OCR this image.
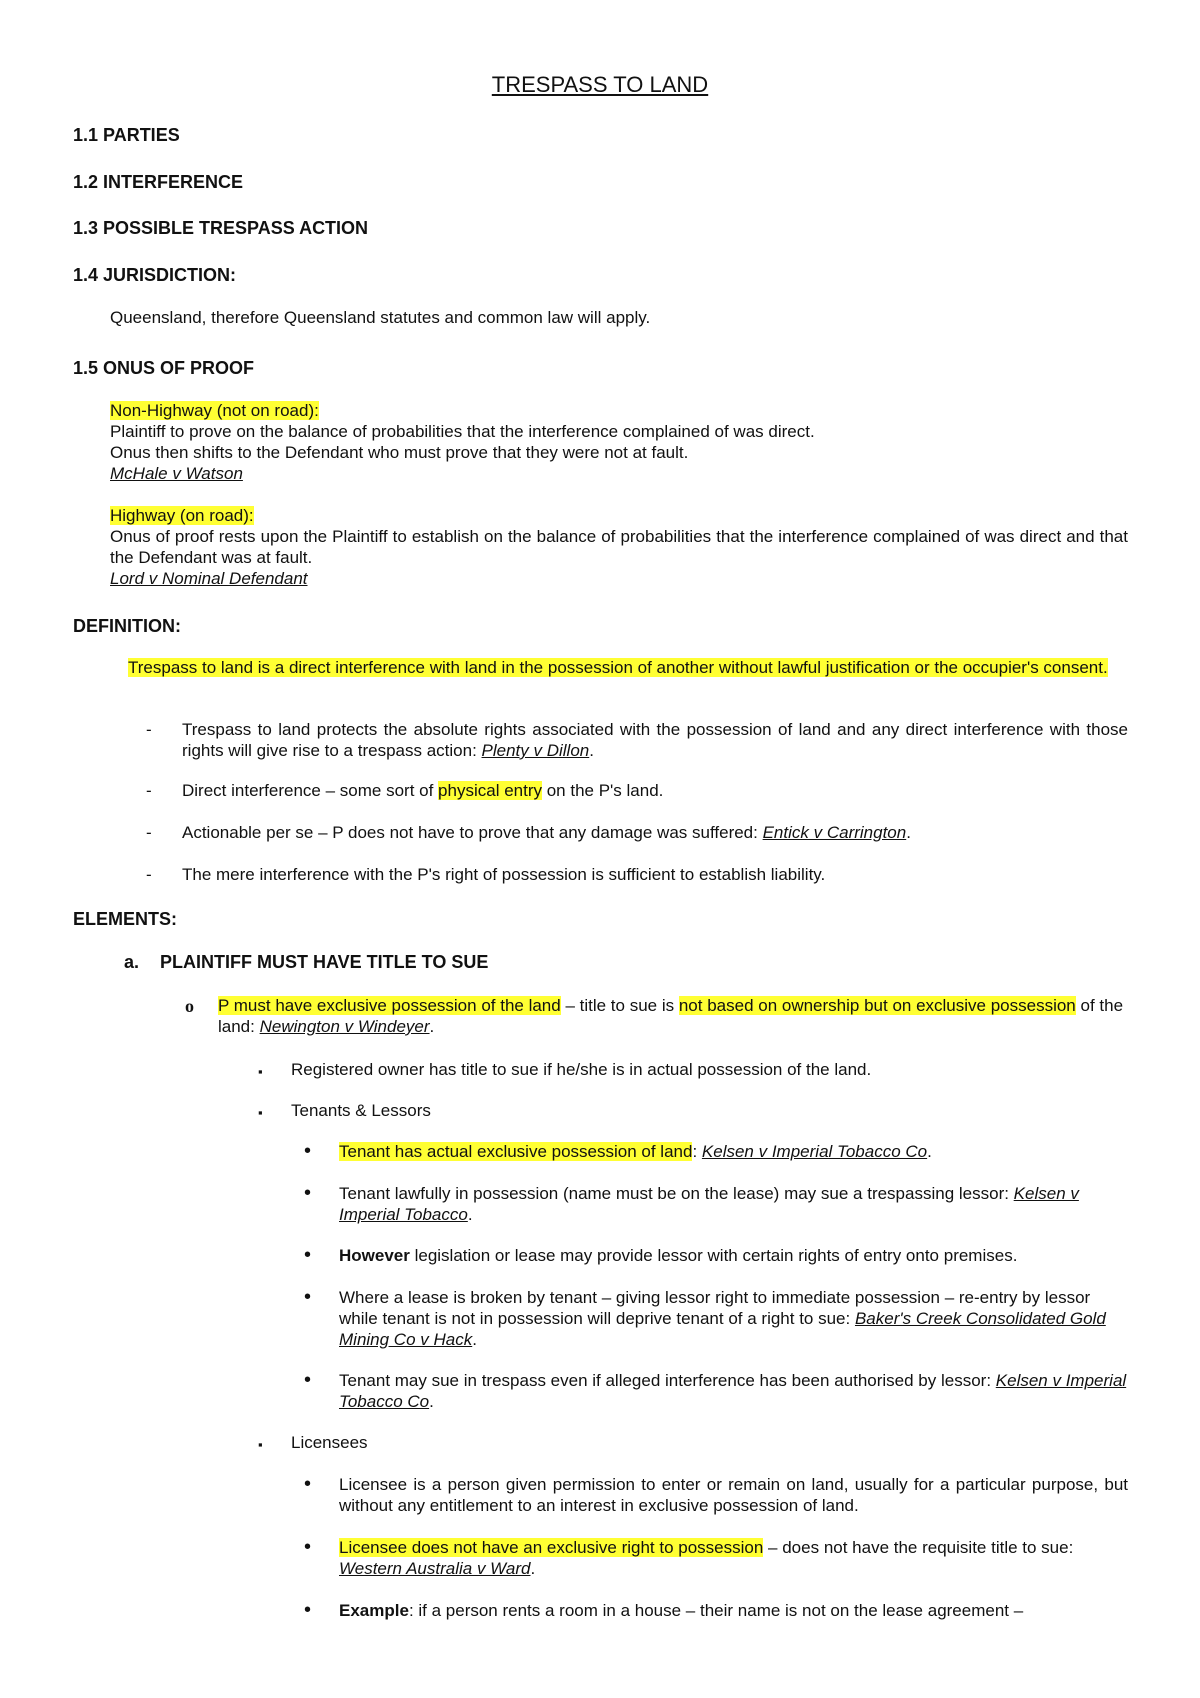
TRESPASS TO LAND
1.1 PARTIES
1.2 INTERFERENCE
1.3 POSSIBLE TRESPASS ACTION
1.4 JURISDICTION:
Queensland, therefore Queensland statutes and common law will apply.
1.5 ONUS OF PROOF
Non-Highway (not on road):
Plaintiff to prove on the balance of probabilities that the interference complained of was direct.
Onus then shifts to the Defendant who must prove that they were not at fault.
McHale v Watson
Highway (on road):
Onus of proof rests upon the Plaintiff to establish on the balance of probabilities that the interference complained of was direct and that the Defendant was at fault.
Lord v Nominal Defendant
DEFINITION:
Trespass to land is a direct interference with land in the possession of another without lawful justification or the occupier's consent.
- Trespass to land protects the absolute rights associated with the possession of land and any direct interference with those rights will give rise to a trespass action: Plenty v Dillon.
- Direct interference – some sort of physical entry on the P's land.
- Actionable per se – P does not have to prove that any damage was suffered: Entick v Carrington.
- The mere interference with the P's right of possession is sufficient to establish liability.
ELEMENTS:
a. PLAINTIFF MUST HAVE TITLE TO SUE
o P must have exclusive possession of the land – title to sue is not based on ownership but on exclusive possession of the land: Newington v Windeyer.
▪ Registered owner has title to sue if he/she is in actual possession of the land.
▪ Tenants & Lessors
• Tenant has actual exclusive possession of land: Kelsen v Imperial Tobacco Co.
• Tenant lawfully in possession (name must be on the lease) may sue a trespassing lessor: Kelsen v Imperial Tobacco.
• However legislation or lease may provide lessor with certain rights of entry onto premises.
• Where a lease is broken by tenant – giving lessor right to immediate possession – re-entry by lessor while tenant is not in possession will deprive tenant of a right to sue: Baker's Creek Consolidated Gold Mining Co v Hack.
• Tenant may sue in trespass even if alleged interference has been authorised by lessor: Kelsen v Imperial Tobacco Co.
▪ Licensees
• Licensee is a person given permission to enter or remain on land, usually for a particular purpose, but without any entitlement to an interest in exclusive possession of land.
• Licensee does not have an exclusive right to possession – does not have the requisite title to sue: Western Australia v Ward.
• Example: if a person rents a room in a house – their name is not on the lease agreement –
